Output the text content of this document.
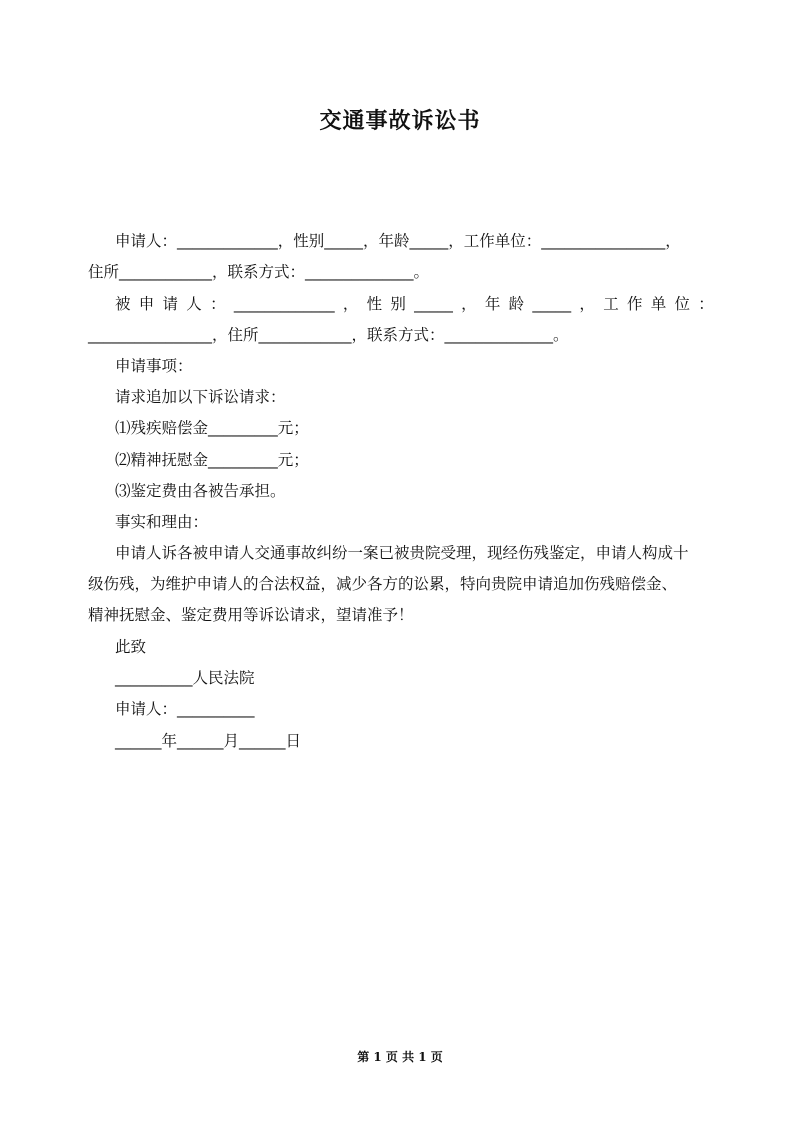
交通事故诉讼书
申请人：_____________，性别_____，年龄_____，工作单位：________________，
住所____________，联系方式：______________。
被 申 请 人 ： _____________ ， 性 别 _____ ， 年 龄 _____ ， 工 作 单 位 ：
________________，住所____________，联系方式：______________。
申请事项：
请求追加以下诉讼请求：
⑴残疾赔偿金_________元；
⑵精神抚慰金_________元；
⑶鉴定费由各被告承担。
事实和理由：
申请人诉各被申请人交通事故纠纷一案已被贵院受理，现经伤残鉴定，申请人构成十
级伤残，为维护申请人的合法权益，减少各方的讼累，特向贵院申请追加伤残赔偿金、
精神抚慰金、鉴定费用等诉讼请求，望请准予！
此致
__________人民法院
申请人：__________
______年______月______日
第 1 页 共 1 页
